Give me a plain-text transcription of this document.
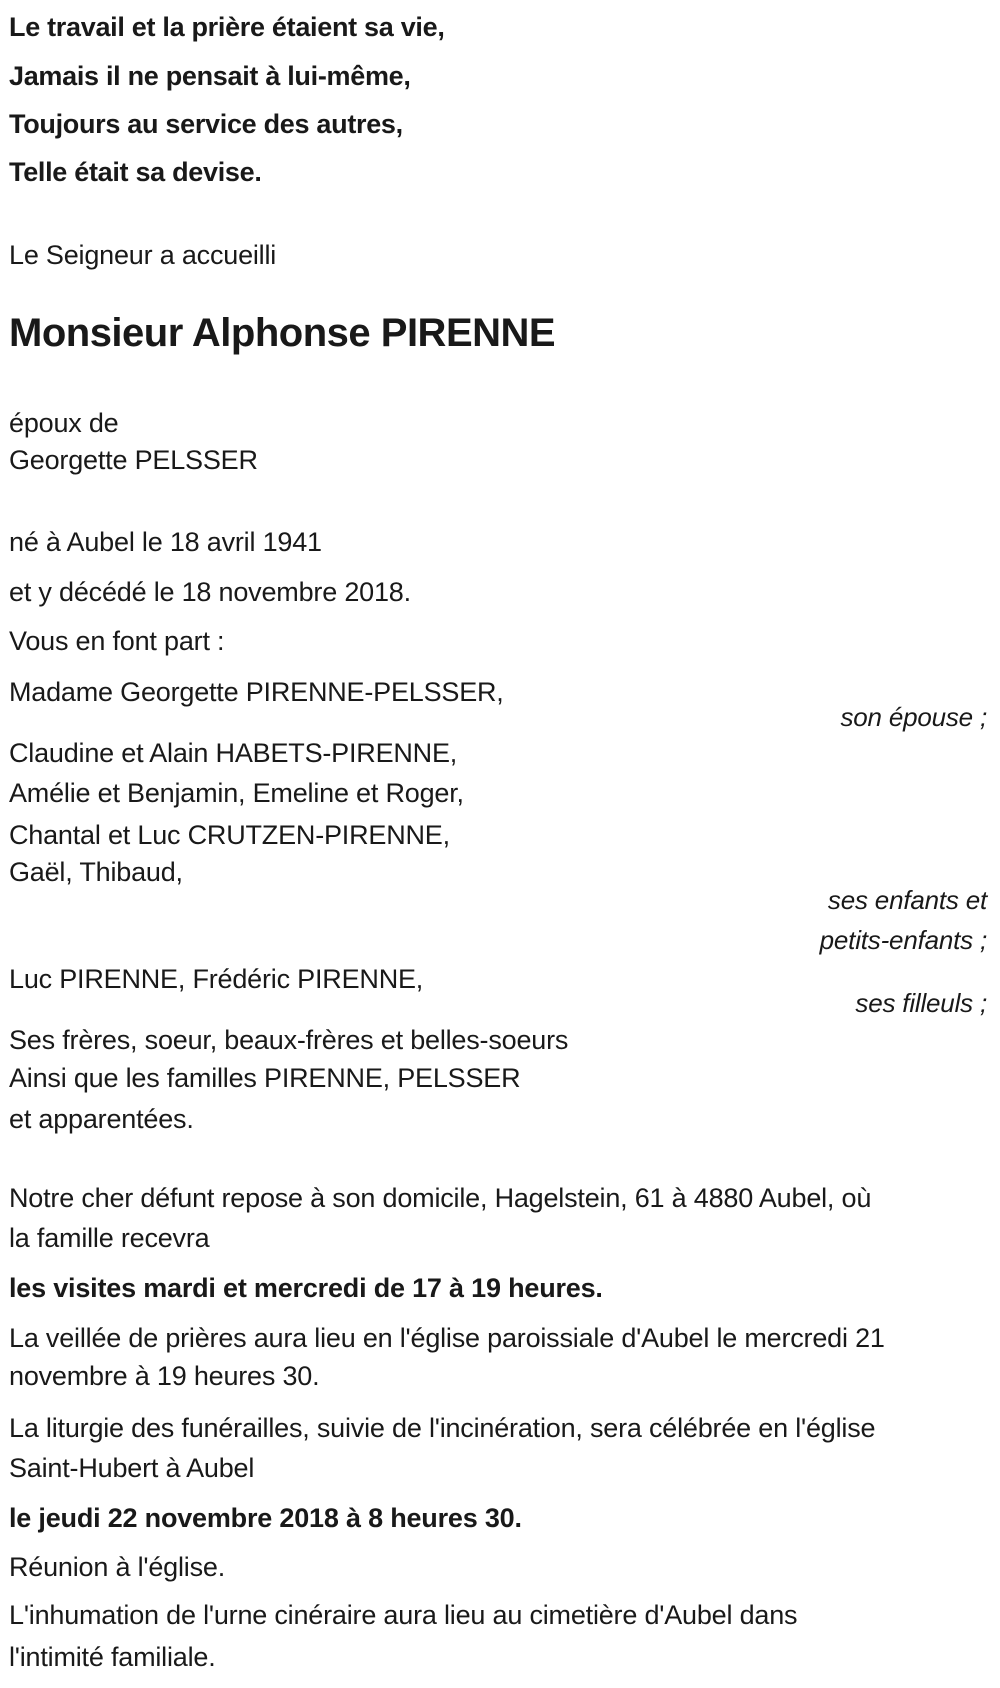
Le travail et la prière étaient sa vie,
Jamais il ne pensait à lui-même,
Toujours au service des autres,
Telle était sa devise.
Le Seigneur a accueilli
Monsieur Alphonse PIRENNE
époux de
Georgette PELSSER
né à Aubel le 18 avril 1941
et y décédé le 18 novembre 2018.
Vous en font part :
Madame Georgette PIRENNE-PELSSER,
son épouse ;
Claudine et Alain HABETS-PIRENNE,
Amélie et Benjamin, Emeline et Roger,
Chantal et Luc CRUTZEN-PIRENNE,
Gaël, Thibaud,
ses enfants et
petits-enfants ;
Luc PIRENNE, Frédéric PIRENNE,
ses filleuls ;
Ses frères, soeur, beaux-frères et belles-soeurs
Ainsi que les familles PIRENNE, PELSSER
et apparentées.
Notre cher défunt repose à son domicile, Hagelstein, 61 à 4880 Aubel, où
la famille recevra
les visites mardi et mercredi de 17 à 19 heures.
La veillée de prières aura lieu en l'église paroissiale d'Aubel le mercredi 21
novembre à 19 heures 30.
La liturgie des funérailles, suivie de l'incinération, sera célébrée en l'église
Saint-Hubert à Aubel
le jeudi 22 novembre 2018 à 8 heures 30.
Réunion à l'église.
L'inhumation de l'urne cinéraire aura lieu au cimetière d'Aubel dans
l'intimité familiale.
